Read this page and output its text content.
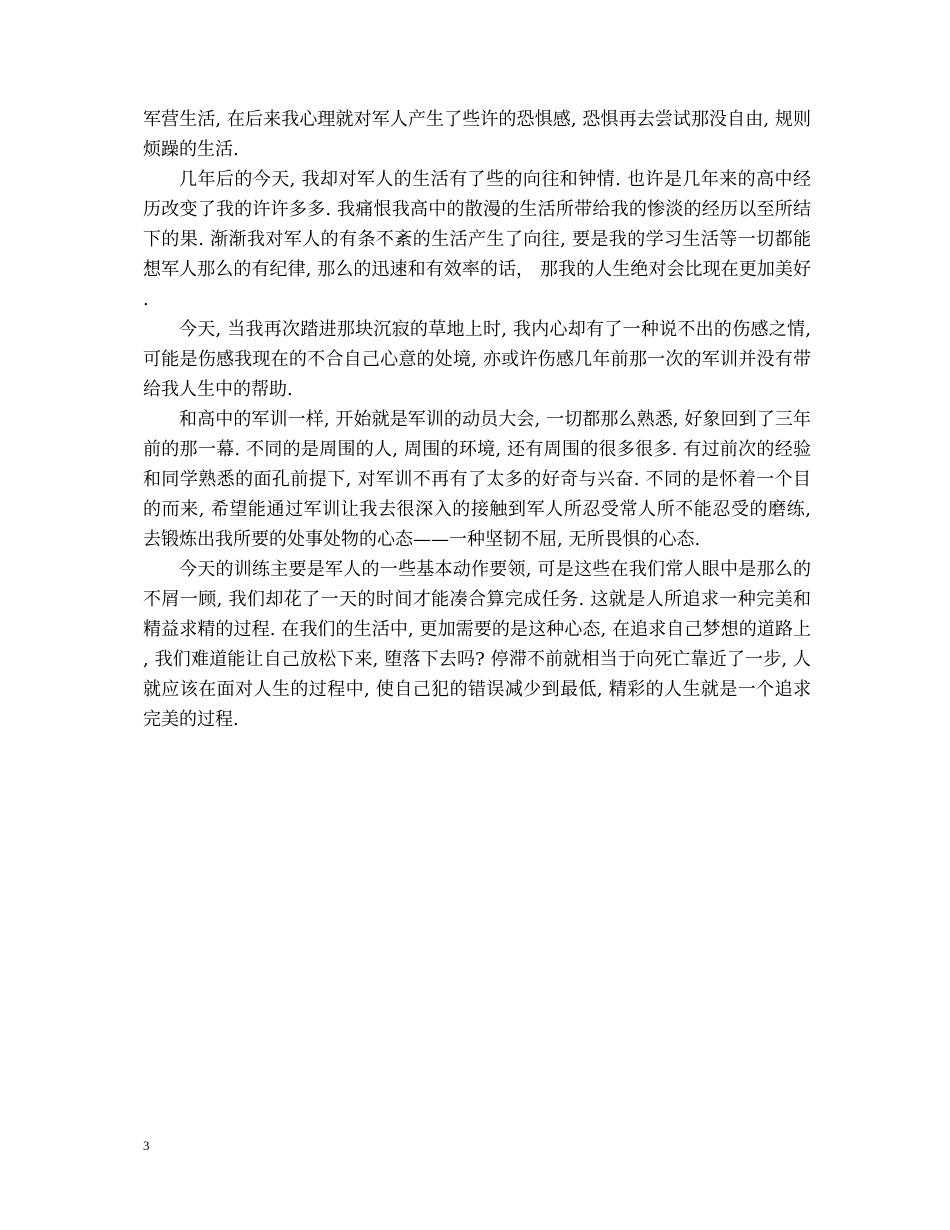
军营生活, 在后来我心理就对军人产生了些许的恐惧感, 恐惧再去尝试那没自由, 规则烦躁的生活.

几年后的今天, 我却对军人的生活有了些的向往和钟情. 也许是几年来的高中经历改变了我的许许多多. 我痛恨我高中的散漫的生活所带给我的惨淡的经历以至所结下的果. 渐渐我对军人的有条不紊的生活产生了向往, 要是我的学习生活等一切都能想军人那么的有纪律, 那么的迅速和有效率的话， 那我的人生绝对会比现在更加美好.

今天, 当我再次踏进那块沉寂的草地上时, 我内心却有了一种说不出的伤感之情, 可能是伤感我现在的不合自己心意的处境, 亦或许伤感几年前那一次的军训并没有带给我人生中的帮助.

和高中的军训一样, 开始就是军训的动员大会, 一切都那么熟悉, 好象回到了三年前的那一幕. 不同的是周围的人, 周围的环境, 还有周围的很多很多. 有过前次的经验和同学熟悉的面孔前提下, 对军训不再有了太多的好奇与兴奋. 不同的是怀着一个目的而来, 希望能通过军训让我去很深入的接触到军人所忍受常人所不能忍受的磨练, 去锻炼出我所要的处事处物的心态——一种坚韧不屈, 无所畏惧的心态.

今天的训练主要是军人的一些基本动作要领, 可是这些在我们常人眼中是那么的不屑一顾, 我们却花了一天的时间才能凑合算完成任务. 这就是人所追求一种完美和精益求精的过程. 在我们的生活中, 更加需要的是这种心态, 在追求自己梦想的道路上, 我们难道能让自己放松下来, 堕落下去吗? 停滞不前就相当于向死亡靠近了一步, 人就应该在面对人生的过程中, 使自己犯的错误减少到最低, 精彩的人生就是一个追求完美的过程.

3
